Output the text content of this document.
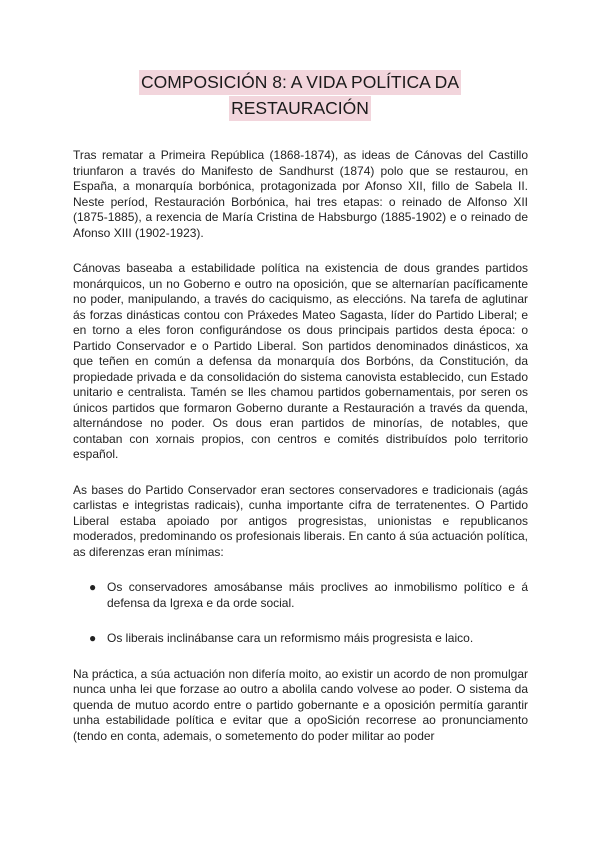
COMPOSICIÓN 8: A VIDA POLÍTICA DA
RESTAURACIÓN

Tras rematar a Primeira República (1868-1874), as ideas de Cánovas del Castillo triunfaron a través do Manifesto de Sandhurst (1874) polo que se restaurou, en España, a monarquía borbónica, protagonizada por Afonso XII, fillo de Sabela II. Neste períod, Restauración Borbónica, hai tres etapas: o reinado de Alfonso XII (1875-1885), a rexencia de María Cristina de Habsburgo (1885-1902) e o reinado de Afonso XIII (1902-1923).

Cánovas baseaba a estabilidade política na existencia de dous grandes partidos monárquicos, un no Goberno e outro na oposición, que se alternarían pacíficamente no poder, manipulando, a través do caciquismo, as eleccións. Na tarefa de aglutinar ás forzas dinásticas contou con Práxedes Mateo Sagasta, líder do Partido Liberal; e en torno a eles foron configurándose os dous principais partidos desta época: o Partido Conservador e o Partido Liberal. Son partidos denominados dinásticos, xa que teñen en común a defensa da monarquía dos Borbóns, da Constitución, da propiedade privada e da consolidación do sistema canovista establecido, cun Estado unitario e centralista. Tamén se lles chamou partidos gobernamentais, por seren os únicos partidos que formaron Goberno durante a Restauración a través da quenda, alternándose no poder. Os dous eran partidos de minorías, de notables, que contaban con xornais propios, con centros e comités distribuídos polo territorio español.

As bases do Partido Conservador eran sectores conservadores e tradicionais (agás carlistas e integristas radicais), cunha importante cifra de terratenentes. O Partido Liberal estaba apoiado por antigos progresistas, unionistas e republicanos moderados, predominando os profesionais liberais. En canto á súa actuación política, as diferenzas eran mínimas:

● Os conservadores amosábanse máis proclives ao inmobilismo político e á defensa da Igrexa e da orde social.
● Os liberais inclinábanse cara un reformismo máis progresista e laico.

Na práctica, a súa actuación non difería moito, ao existir un acordo de non promulgar nunca unha lei que forzase ao outro a abolila cando volvese ao poder. O sistema da quenda de mutuo acordo entre o partido gobernante e a oposición permitía garantir unha estabilidade política e evitar que a opoSición recorrese ao pronunciamento (tendo en conta, ademais, o sometemento do poder militar ao poder
